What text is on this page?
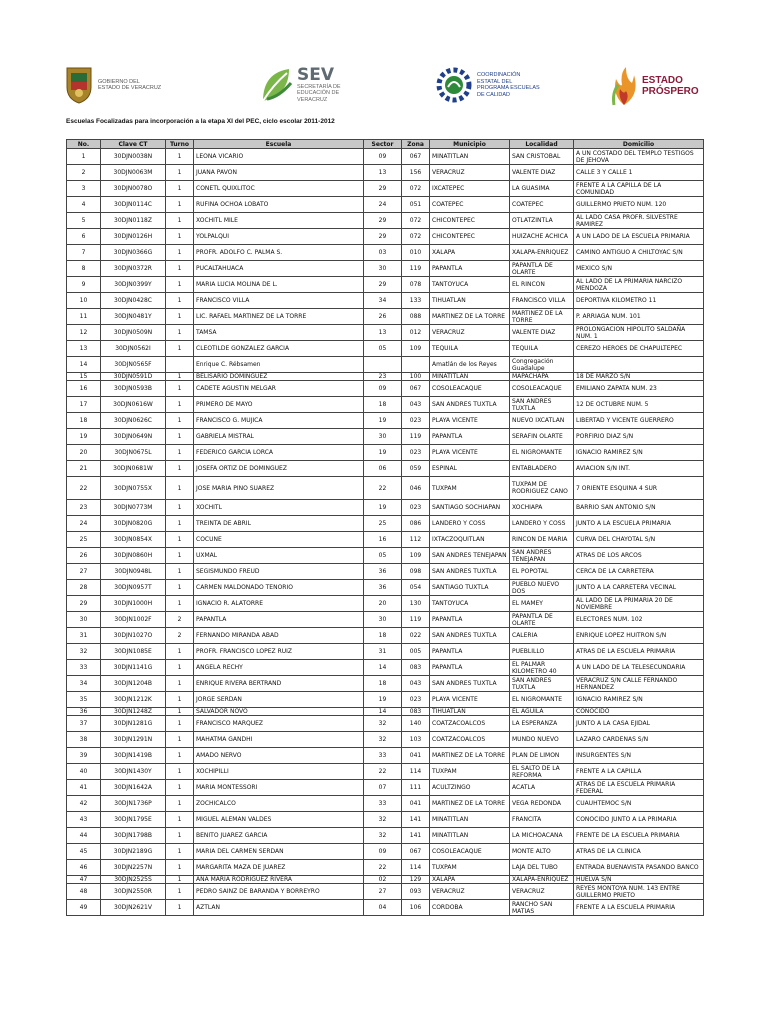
GOBIERNO DEL ESTADO DE VERACRUZ
SEV
SECRETARÍA DE EDUCACIÓN DE VERACRUZ
COORDINACIÓN ESTATAL DEL PROGRAMA ESCUELAS DE CALIDAD
ESTADO PRÓSPERO
Escuelas Focalizadas para incorporación a la etapa XI del PEC, ciclo escolar 2011-2012
No.	Clave CT	Turno	Escuela	Sector	Zona	Municipio	Localidad	Domicilio
1	30DJN0038N	1	LEONA VICARIO	09	067	MINATITLAN	SAN CRISTOBAL	A UN COSTADO DEL TEMPLO TESTIGOS DE JEHOVA
2	30DJN0063M	1	JUANA PAVON	13	156	VERACRUZ	VALENTE DIAZ	CALLE 3 Y CALLE 1
3	30DJN0078O	1	CONETL QUIXLITOC	29	072	IXCATEPEC	LA GUASIMA	FRENTE A LA CAPILLA DE LA COMUNIDAD
4	30DJN0114C	1	RUFINA OCHOA LOBATO	24	051	COATEPEC	COATEPEC	GUILLERMO PRIETO NUM. 120
5	30DJN0118Z	1	XOCHITL MILE	29	072	CHICONTEPEC	OTLATZINTLA	AL LADO CASA PROFR. SILVESTRE RAMIREZ
6	30DJN0126H	1	YOLPALQUI	29	072	CHICONTEPEC	HUIZACHE ACHICA	A UN LADO DE LA ESCUELA PRIMARIA
7	30DJN0366G	1	PROFR. ADOLFO C. PALMA S.	03	010	XALAPA	XALAPA-ENRIQUEZ	CAMINO ANTIGUO A CHILTOYAC S/N
8	30DJN0372R	1	PUCALTAHUACA	30	119	PAPANTLA	PAPANTLA DE OLARTE	MEXICO S/N
9	30DJN0399Y	1	MARIA LUCIA MOLINA DE L.	29	078	TANTOYUCA	EL RINCON	AL LADO DE LA PRIMARIA NARCIZO MENDOZA
10	30DJN0428C	1	FRANCISCO VILLA	34	133	TIHUATLAN	FRANCISCO VILLA	DEPORTIVA KILOMETRO 11
11	30DJN0481Y	1	LIC. RAFAEL MARTINEZ DE LA TORRE	26	088	MARTINEZ DE LA TORRE	MARTINEZ DE LA TORRE	P. ARRIAGA NUM. 101
12	30DJN0509N	1	TAMSA	13	012	VERACRUZ	VALENTE DIAZ	PROLONGACION HIPOLITO SALDAÑA NUM. 1
13	30DJN0562I	1	CLEOTILDE GONZALEZ GARCIA	05	109	TEQUILA	TEQUILA	CEREZO HEROES DE CHAPULTEPEC
14	30DJN0565F		Enrique C. Rébsamen			Amatlán de los Reyes	Congregación Guadalupe	
15	30DJN0591D	1	BELISARIO DOMINGUEZ	23	100	MINATITLAN	MAPACHAPA	18 DE MARZO S/N
16	30DJN0593B	1	CADETE AGUSTIN MELGAR	09	067	COSOLEACAQUE	COSOLEACAQUE	EMILIANO ZAPATA NUM. 23
17	30DJN0616W	1	PRIMERO DE MAYO	18	043	SAN ANDRES TUXTLA	SAN ANDRES TUXTLA	12 DE OCTUBRE NUM. 5
18	30DJN0626C	1	FRANCISCO G. MUJICA	19	023	PLAYA VICENTE	NUEVO IXCATLAN	LIBERTAD Y VICENTE GUERRERO
19	30DJN0649N	1	GABRIELA MISTRAL	30	119	PAPANTLA	SERAFIN OLARTE	PORFIRIO DIAZ S/N
20	30DJN0675L	1	FEDERICO GARCIA LORCA	19	023	PLAYA VICENTE	EL NIGROMANTE	IGNACIO RAMIREZ S/N
21	30DJN0681W	1	JOSEFA ORTIZ DE DOMINGUEZ	06	059	ESPINAL	ENTABLADERO	AVIACION S/N INT.
22	30DJN0755X	1	JOSE MARIA PINO SUAREZ	22	046	TUXPAM	TUXPAM DE RODRIGUEZ CANO	7 ORIENTE ESQUINA 4 SUR
23	30DJN0773M	1	XOCHITL	19	023	SANTIAGO SOCHIAPAN	XOCHIAPA	BARRIO SAN ANTONIO S/N
24	30DJN0820G	1	TREINTA DE ABRIL	25	086	LANDERO Y COSS	LANDERO Y COSS	JUNTO A LA ESCUELA PRIMARIA
25	30DJN0854X	1	COCUNE	16	112	IXTACZOQUITLAN	RINCON DE MARIA	CURVA DEL CHAYOTAL S/N
26	30DJN0860H	1	UXMAL	05	109	SAN ANDRES TENEJAPAN	SAN ANDRES TENEJAPAN	ATRAS DE LOS ARCOS
27	30DJN0948L	1	SEGISMUNDO FREUD	36	098	SAN ANDRES TUXTLA	EL POPOTAL	CERCA DE LA CARRETERA
28	30DJN0957T	1	CARMEN MALDONADO TENORIO	36	054	SANTIAGO TUXTLA	PUEBLO NUEVO DOS	JUNTO A LA CARRETERA VECINAL
29	30DJN1000H	1	IGNACIO R. ALATORRE	20	130	TANTOYUCA	EL MAMEY	AL LADO DE LA PRIMARIA 20 DE NOVIEMBRE
30	30DJN1002F	2	PAPANTLA	30	119	PAPANTLA	PAPANTLA DE OLARTE	ELECTORES NUM. 102
31	30DJN1027O	2	FERNANDO MIRANDA ABAD	18	022	SAN ANDRES TUXTLA	CALERIA	ENRIQUE LOPEZ HUITRON S/N
32	30DJN1085E	1	PROFR. FRANCISCO LOPEZ RUIZ	31	005	PAPANTLA	PUEBLILLO	ATRAS DE LA ESCUELA PRIMARIA
33	30DJN1141G	1	ANGELA RECHY	14	083	PAPANTLA	EL PALMAR KILOMETRO 40	A UN LADO DE LA TELESECUNDARIA
34	30DJN1204B	1	ENRIQUE RIVERA BERTRAND	18	043	SAN ANDRES TUXTLA	SAN ANDRES TUXTLA	VERACRUZ S/N CALLE FERNANDO HERNANDEZ
35	30DJN1212K	1	JORGE SERDAN	19	023	PLAYA VICENTE	EL NIGROMANTE	IGNACIO RAMIREZ S/N
36	30DJN1248Z	1	SALVADOR NOVO	14	083	TIHUATLAN	EL AGUILA	CONOCIDO
37	30DJN1281G	1	FRANCISCO MARQUEZ	32	140	COATZACOALCOS	LA ESPERANZA	JUNTO A LA CASA EJIDAL
38	30DJN1291N	1	MAHATMA GANDHI	32	103	COATZACOALCOS	MUNDO NUEVO	LAZARO CARDENAS S/N
39	30DJN1419B	1	AMADO NERVO	33	041	MARTINEZ DE LA TORRE	PLAN DE LIMON	INSURGENTES S/N
40	30DJN1430Y	1	XOCHIPILLI	22	114	TUXPAM	EL SALTO DE LA REFORMA	FRENTE A LA CAPILLA
41	30DJN1642A	1	MARIA MONTESSORI	07	111	ACULTZINGO	ACATLA	ATRAS DE LA ESCUELA PRIMARIA FEDERAL
42	30DJN1736P	1	ZOCHICALCO	33	041	MARTINEZ DE LA TORRE	VEGA REDONDA	CUAUHTEMOC S/N
43	30DJN1795E	1	MIGUEL ALEMAN VALDES	32	141	MINATITLAN	FRANCITA	CONOCIDO JUNTO A LA PRIMARIA
44	30DJN1798B	1	BENITO JUAREZ GARCIA	32	141	MINATITLAN	LA MICHOACANA	FRENTE DE LA ESCUELA PRIMARIA
45	30DJN2189G	1	MARIA DEL CARMEN SERDAN	09	067	COSOLEACAQUE	MONTE ALTO	ATRAS DE LA CLINICA
46	30DJN2257N	1	MARGARITA MAZA DE JUAREZ	22	114	TUXPAM	LAJA DEL TUBO	ENTRADA BUENAVISTA PASANDO BANCO
47	30DJN2525S	1	ANA MARIA RODRIGUEZ RIVERA	02	129	XALAPA	XALAPA-ENRIQUEZ	HUELVA S/N
48	30DJN2550R	1	PEDRO SAINZ DE BARANDA Y BORREYRO	27	093	VERACRUZ	VERACRUZ	REYES MONTOYA NUM. 143 ENTRE GUILLERMO PRIETO
49	30DJN2621V	1	AZTLAN	04	106	CORDOBA	RANCHO SAN MATIAS	FRENTE A LA ESCUELA PRIMARIA
